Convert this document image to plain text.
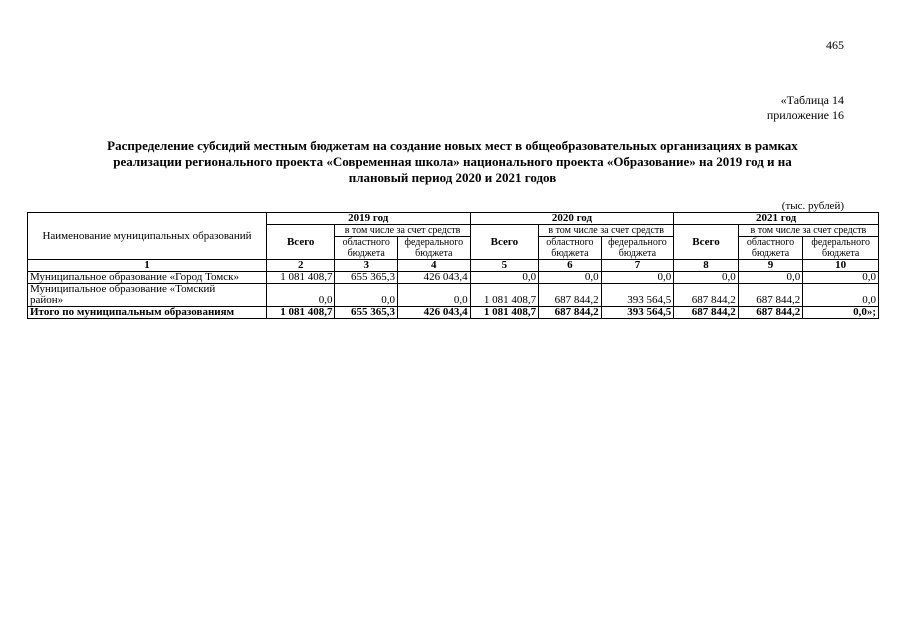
465
«Таблица 14
приложение 16
Распределение субсидий местным бюджетам на создание новых мест в общеобразовательных организациях в рамках
реализации регионального проекта «Современная школа» национального проекта «Образование» на 2019 год и на
плановый период 2020 и 2021 годов
(тыс. рублей)
Наименование муниципальных образований	2019 год			2020 год			2021 год		
	Всего	в том числе за счет средств		Всего	в том числе за счет средств		Всего	в том числе за счет средств	
		областного бюджета	федерального бюджета		областного бюджета	федерального бюджета		областного бюджета	федерального бюджета
1	2	3	4	5	6	7	8	9	10
Муниципальное образование «Город Томск»	1 081 408,7	655 365,3	426 043,4	0,0	0,0	0,0	0,0	0,0	0,0

Муниципальное образование «Томский
район»	0,0	0,0	0,0	1 081 408,7	687 844,2	393 564,5	687 844,2	687 844,2	0,0
Итого по муниципальным образованиям	1 081 408,7	655 365,3	426 043,4	1 081 408,7	687 844,2	393 564,5	687 844,2	687 844,2	0,0»;
